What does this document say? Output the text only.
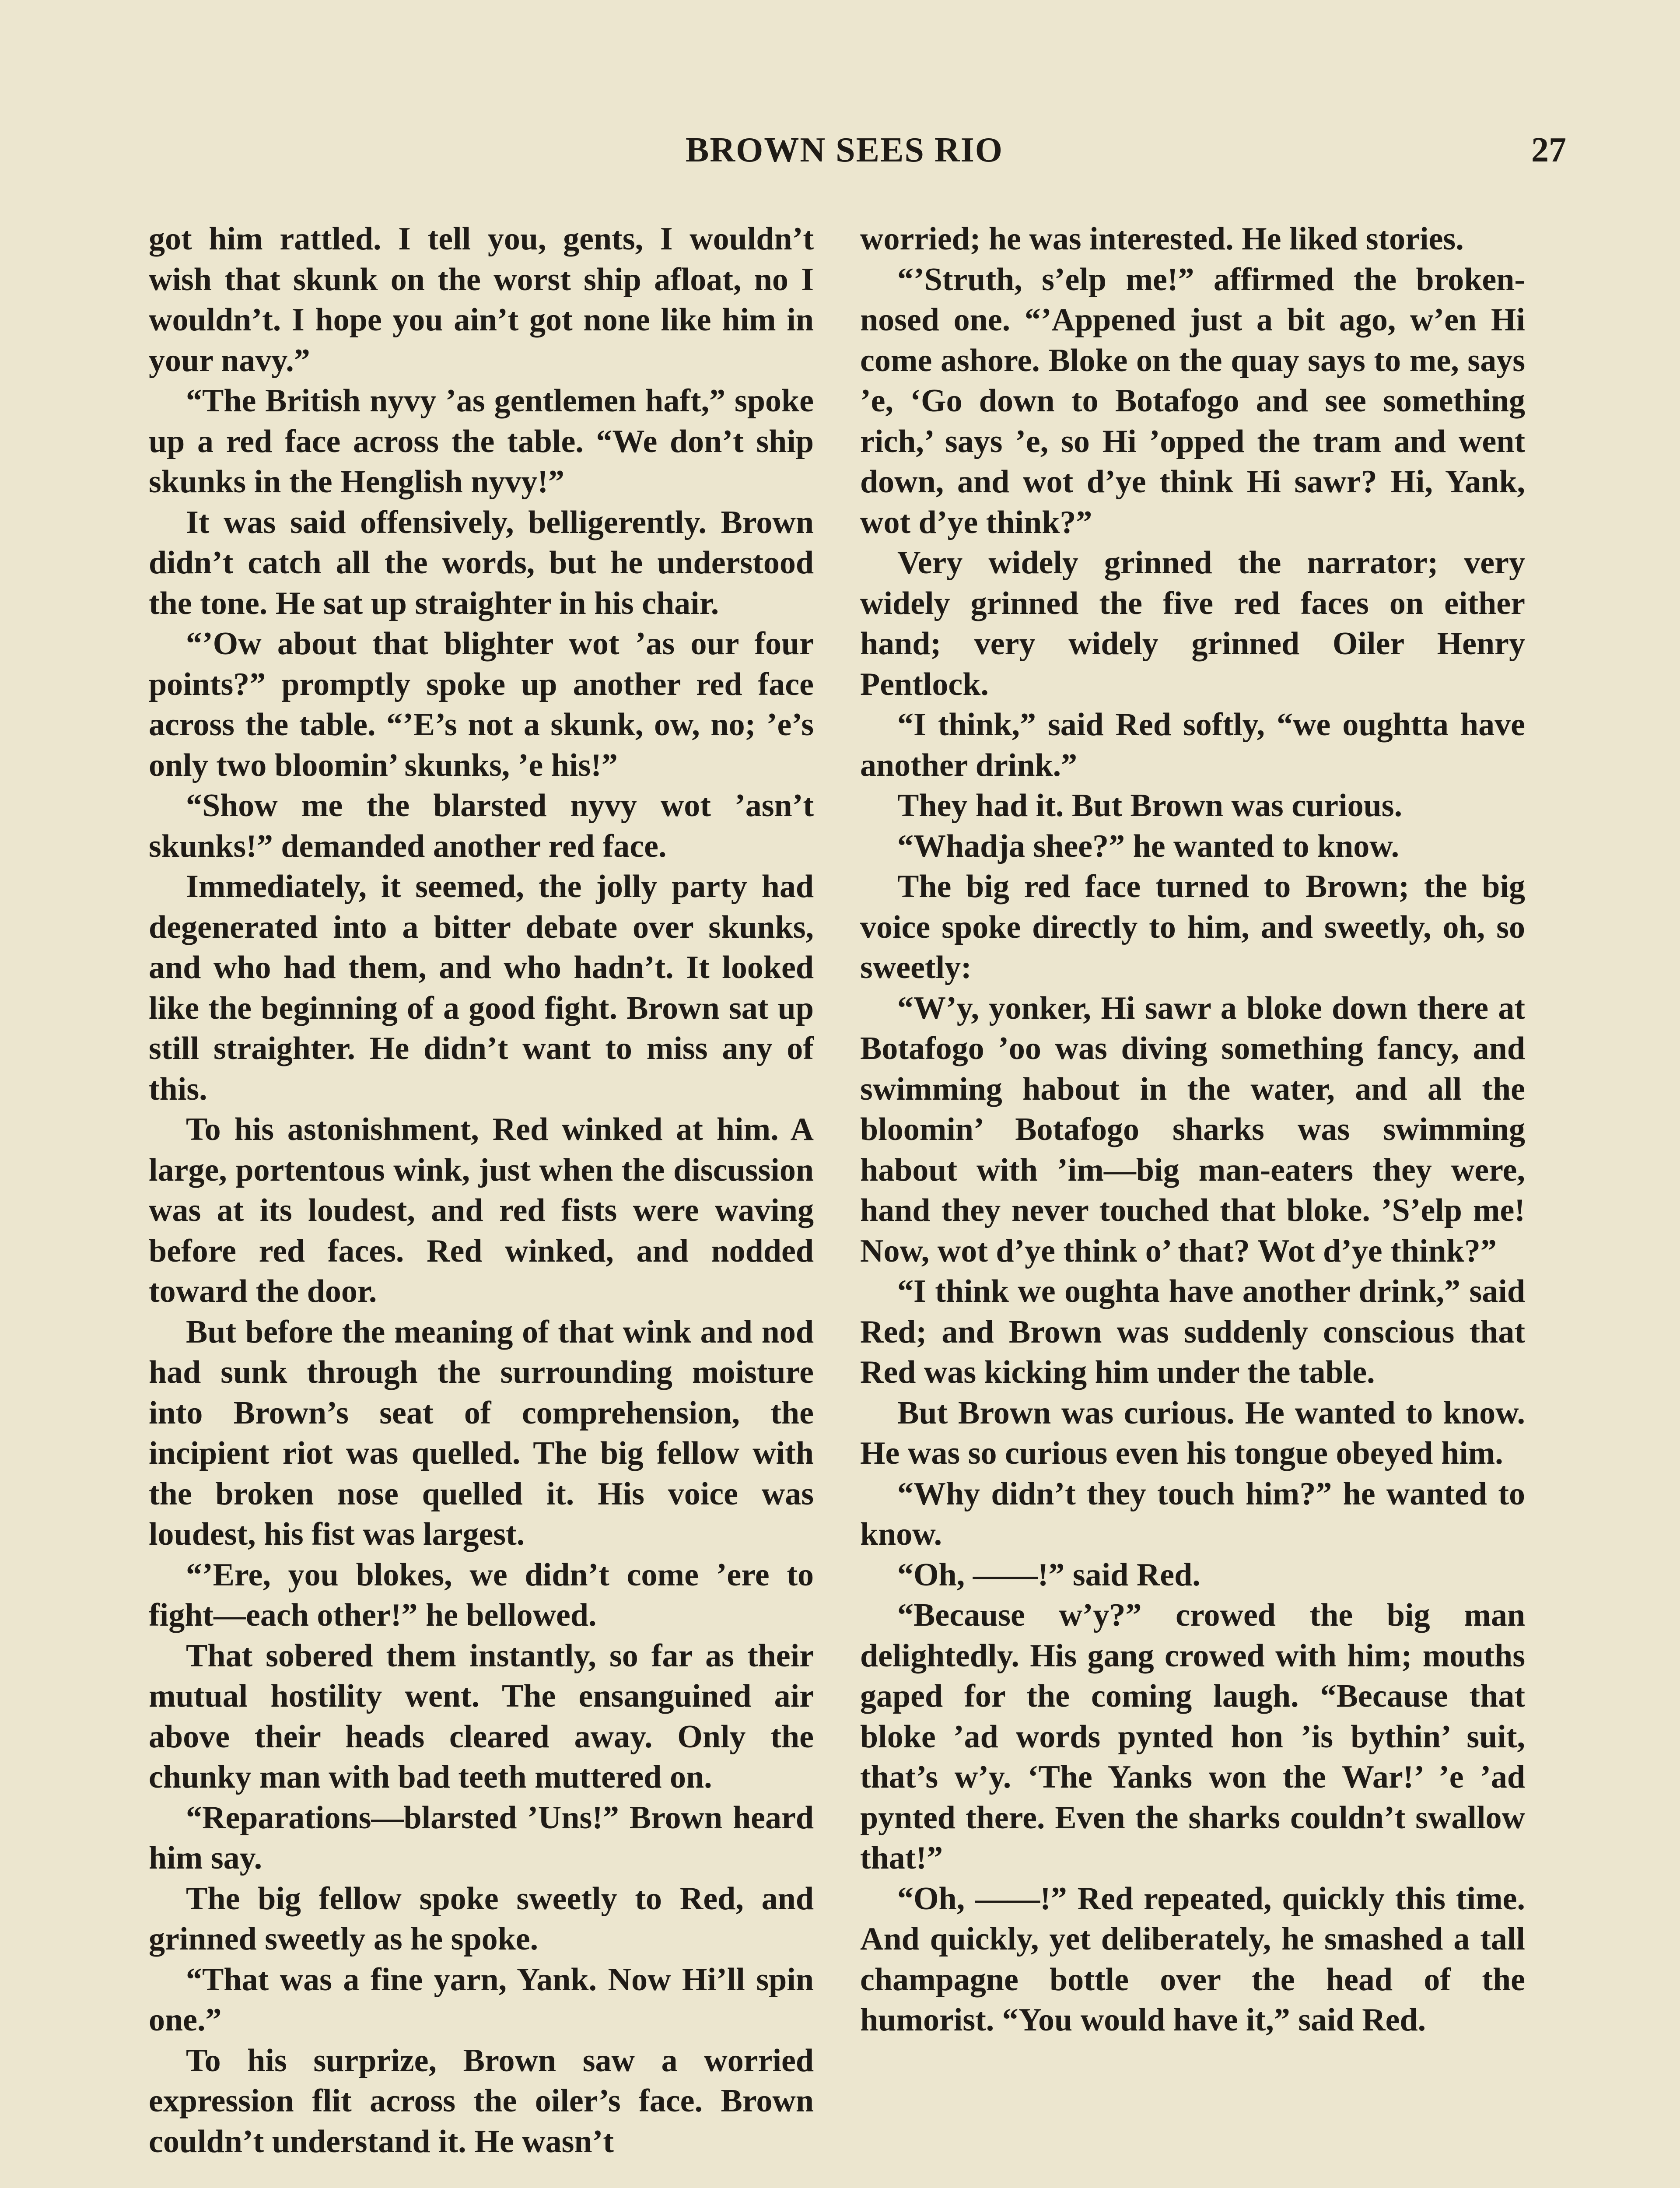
BROWN SEES RIO	27

got him rattled. I tell you, gents, I wouldn’t wish that skunk on the worst ship afloat, no I wouldn’t. I hope you ain’t got none like him in your navy.”

“The British nyvy ’as gentlemen haft,” spoke up a red face across the table. “We don’t ship skunks in the Henglish nyvy!”

It was said offensively, belligerently. Brown didn’t catch all the words, but he understood the tone. He sat up straighter in his chair.

“’Ow about that blighter wot ’as our four points?” promptly spoke up another red face across the table. “’E’s not a skunk, ow, no; ’e’s only two bloomin’ skunks, ’e his!”

“Show me the blarsted nyvy wot ’asn’t skunks!” demanded another red face.

Immediately, it seemed, the jolly party had degenerated into a bitter debate over skunks, and who had them, and who hadn’t. It looked like the beginning of a good fight. Brown sat up still straighter. He didn’t want to miss any of this.

To his astonishment, Red winked at him. A large, portentous wink, just when the discussion was at its loudest, and red fists were waving before red faces. Red winked, and nodded toward the door.

But before the meaning of that wink and nod had sunk through the surrounding moisture into Brown’s seat of comprehension, the incipient riot was quelled. The big fellow with the broken nose quelled it. His voice was loudest, his fist was largest.

“’Ere, you blokes, we didn’t come ’ere to fight—each other!” he bellowed.

That sobered them instantly, so far as their mutual hostility went. The ensanguined air above their heads cleared away. Only the chunky man with bad teeth muttered on.

“Reparations—blarsted ’Uns!” Brown heard him say.

The big fellow spoke sweetly to Red, and grinned sweetly as he spoke.

“That was a fine yarn, Yank. Now Hi’ll spin one.”

To his surprize, Brown saw a worried expression flit across the oiler’s face. Brown couldn’t understand it. He wasn’t

worried; he was interested. He liked stories.

“’Struth, s’elp me!” affirmed the broken-nosed one. “’Appened just a bit ago, w’en Hi come ashore. Bloke on the quay says to me, says ’e, ‘Go down to Botafogo and see something rich,’ says ’e, so Hi ’opped the tram and went down, and wot d’ye think Hi sawr? Hi, Yank, wot d’ye think?”

Very widely grinned the narrator; very widely grinned the five red faces on either hand; very widely grinned Oiler Henry Pentlock.

“I think,” said Red softly, “we oughtta have another drink.”

They had it. But Brown was curious.

“Whadja shee?” he wanted to know.

The big red face turned to Brown; the big voice spoke directly to him, and sweetly, oh, so sweetly:

“W’y, yonker, Hi sawr a bloke down there at Botafogo ’oo was diving something fancy, and swimming habout in the water, and all the bloomin’ Botafogo sharks was swimming habout with ’im—big man-eaters they were, hand they never touched that bloke. ’S’elp me! Now, wot d’ye think o’ that? Wot d’ye think?”

“I think we oughta have another drink,” said Red; and Brown was suddenly conscious that Red was kicking him under the table.

But Brown was curious. He wanted to know. He was so curious even his tongue obeyed him.

“Why didn’t they touch him?” he wanted to know.

“Oh, ——!” said Red.

“Because w’y?” crowed the big man delightedly. His gang crowed with him; mouths gaped for the coming laugh. “Because that bloke ’ad words pynted hon ’is bythin’ suit, that’s w’y. ‘The Yanks won the War!’ ’e ’ad pynted there. Even the sharks couldn’t swallow that!”

“Oh, ——!” Red repeated, quickly this time. And quickly, yet deliberately, he smashed a tall champagne bottle over the head of the humorist. “You would have it,” said Red.
